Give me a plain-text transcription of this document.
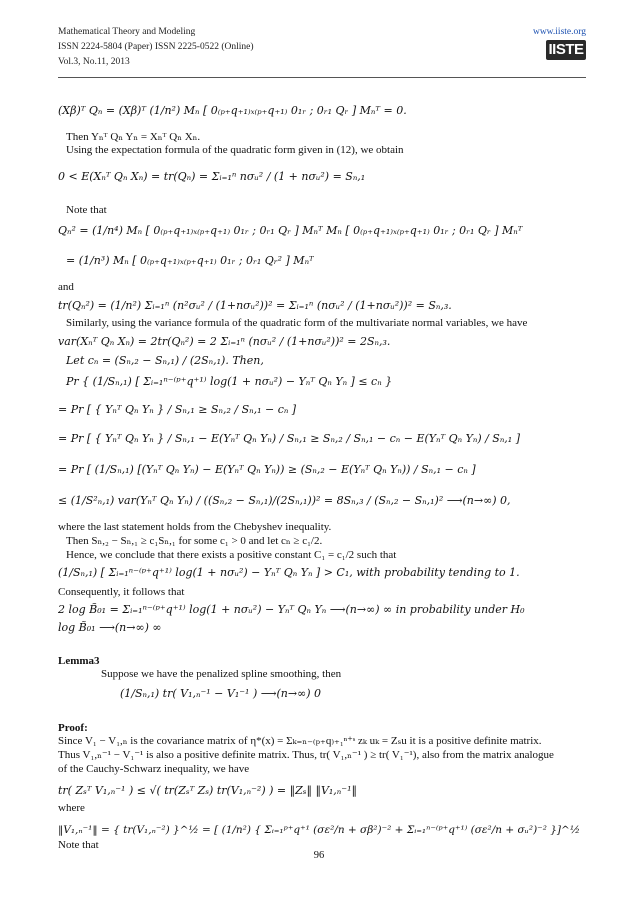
Mathematical Theory and Modeling
ISSN 2224-5804 (Paper) ISSN 2225-0522 (Online)
Vol.3, No.11, 2013
www.iiste.org
IISTE
(Xβ)ᵀ Qₙ = (Xβ)ᵀ (1/n²) Mₙ [ 0₍ₚ₊q₊₁₎ₓ₍ₚ₊q₊₁₎ 0₁ᵣ ; 0ᵣ₁ Qᵣ ] Mₙᵀ = 0.
Then Yₙᵀ Qₙ Yₙ = Xₙᵀ Qₙ Xₙ.
Using the expectation formula of the quadratic form given in (12), we obtain
0 < E(Xₙᵀ Qₙ Xₙ) = tr(Qₙ) = Σᵢ₌₁ⁿ nσᵤ² / (1 + nσᵤ²) = Sₙ,₁
Note that
Qₙ² = (1/n⁴) Mₙ [ 0₍ₚ₊q₊₁₎ₓ₍ₚ₊q₊₁₎ 0₁ᵣ ; 0ᵣ₁ Qᵣ ] Mₙᵀ Mₙ [ 0₍ₚ₊q₊₁₎ₓ₍ₚ₊q₊₁₎ 0₁ᵣ ; 0ᵣ₁ Qᵣ ] Mₙᵀ
= (1/n³) Mₙ [ 0₍ₚ₊q₊₁₎ₓ₍ₚ₊q₊₁₎ 0₁ᵣ ; 0ᵣ₁ Qᵣ² ] Mₙᵀ
and
tr(Qₙ²) = (1/n²) Σᵢ₌₁ⁿ (n²σᵤ² / (1+nσᵤ²))² = Σᵢ₌₁ⁿ (nσᵤ² / (1+nσᵤ²))² = Sₙ,₃.
Similarly, using the variance formula of the quadratic form of the multivariate normal variables, we have
var(Xₙᵀ Qₙ Xₙ) = 2tr(Qₙ²) = 2 Σᵢ₌₁ⁿ (nσᵤ² / (1+nσᵤ²))² = 2Sₙ,₃.
Let cₙ = (Sₙ,₂ − Sₙ,₁) / (2Sₙ,₁). Then,
Pr { (1/Sₙ,₁) [ Σᵢ₌₁ⁿ⁻⁽ᵖ⁺q⁺¹⁾ log(1 + nσᵤ²) − Yₙᵀ Qₙ Yₙ ] ≤ cₙ }
= Pr [ { Yₙᵀ Qₙ Yₙ } / Sₙ,₁ ≥ Sₙ,₂ / Sₙ,₁ − cₙ ]
= Pr [ { Yₙᵀ Qₙ Yₙ } / Sₙ,₁ − E(Yₙᵀ Qₙ Yₙ) / Sₙ,₁ ≥ Sₙ,₂ / Sₙ,₁ − cₙ − E(Yₙᵀ Qₙ Yₙ) / Sₙ,₁ ]
= Pr [ (1/Sₙ,₁) [(Yₙᵀ Qₙ Yₙ) − E(Yₙᵀ Qₙ Yₙ)) ≥ (Sₙ,₂ − E(Yₙᵀ Qₙ Yₙ)) / Sₙ,₁ − cₙ ]
≤ (1/S²ₙ,₁) var(Yₙᵀ Qₙ Yₙ) / ((Sₙ,₂ − Sₙ,₁)/(2Sₙ,₁))² = 8Sₙ,₃ / (Sₙ,₂ − Sₙ,₁)² ⟶(n→∞) 0,
where the last statement holds from the Chebyshev inequality.
Then Sₙ,₂ − Sₙ,₁ ≥ c₁Sₙ,₁ for some c₁ > 0 and let cₙ ≥ c₁/2.
Hence, we conclude that there exists a positive constant C₁ = c₁/2 such that
(1/Sₙ,₁) [ Σᵢ₌₁ⁿ⁻⁽ᵖ⁺q⁺¹⁾ log(1 + nσᵤ²) − Yₙᵀ Qₙ Yₙ ] > C₁, with probability tending to 1.
Consequently, it follows that
2 log B̃₀₁ = Σᵢ₌₁ⁿ⁻⁽ᵖ⁺q⁺¹⁾ log(1 + nσᵤ²) − Yₙᵀ Qₙ Yₙ ⟶(n→∞) ∞ in probability under H₀
log B̃₀₁ ⟶(n→∞) ∞
Lemma3
Suppose we have the penalized spline smoothing, then
(1/Sₙ,₁) tr( V₁,ₙ⁻¹ − V₁⁻¹ ) ⟶(n→∞) 0
Proof:
Since V₁ − V₁,ₙ is the covariance matrix of η*(x) = Σₖ₌ₙ₋₍ₚ₊q₎₊₁ⁿ⁺ˢ zₖ uₖ = Zₛu it is a positive definite matrix.
Thus V₁,ₙ⁻¹ − V₁⁻¹ is also a positive definite matrix. Thus, tr( V₁,ₙ⁻¹ ) ≥ tr( V₁⁻¹), also from the matrix analogue
of the Cauchy-Schwarz inequality, we have
tr( Zₛᵀ V₁,ₙ⁻¹ ) ≤ √( tr(Zₛᵀ Zₛ) tr(V₁,ₙ⁻²) ) = ‖Zₛ‖ ‖V₁,ₙ⁻¹‖
where
‖V₁,ₙ⁻¹‖ = { tr(V₁,ₙ⁻²) }^½ = [ (1/n²) { Σᵢ₌₁ᵖ⁺q⁺¹ (σε²/n + σβ²)⁻² + Σᵢ₌₁ⁿ⁻⁽ᵖ⁺q⁺¹⁾ (σε²/n + σᵤ²)⁻² }]^½
Note that
96
